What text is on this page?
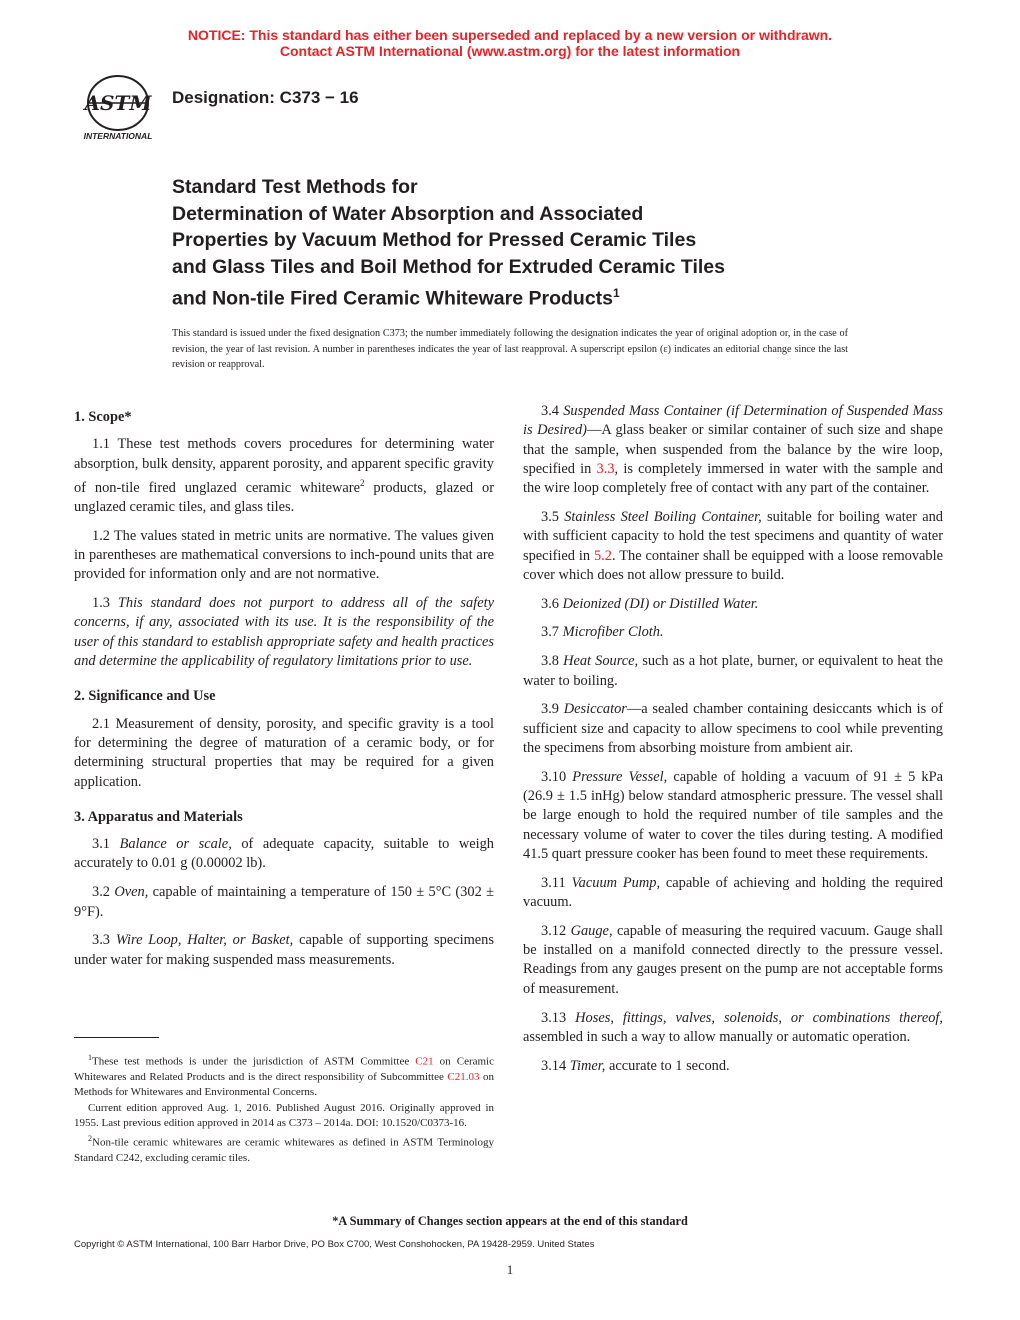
NOTICE: This standard has either been superseded and replaced by a new version or withdrawn.
Contact ASTM International (www.astm.org) for the latest information
ASTM
INTERNATIONAL
Designation: C373 − 16
Standard Test Methods for
Determination of Water Absorption and Associated
Properties by Vacuum Method for Pressed Ceramic Tiles
and Glass Tiles and Boil Method for Extruded Ceramic Tiles
and Non-tile Fired Ceramic Whiteware Products$^1$
This standard is issued under the fixed designation C373; the number immediately following the designation indicates the year of original adoption or, in the case of revision, the year of last revision. A number in parentheses indicates the year of last reapproval. A superscript epsilon (ε) indicates an editorial change since the last revision or reapproval.
1. Scope*

1.1 These test methods covers procedures for determining water absorption, bulk density, apparent porosity, and apparent specific gravity of non-tile fired unglazed ceramic whiteware$^2$ products, glazed or unglazed ceramic tiles, and glass tiles.

1.2 The values stated in metric units are normative. The values given in parentheses are mathematical conversions to inch-pound units that are provided for information only and are not normative.

1.3 This standard does not purport to address all of the safety concerns, if any, associated with its use. It is the responsibility of the user of this standard to establish appropriate safety and health practices and determine the applicability of regulatory limitations prior to use.

2. Significance and Use

2.1 Measurement of density, porosity, and specific gravity is a tool for determining the degree of maturation of a ceramic body, or for determining structural properties that may be required for a given application.

3. Apparatus and Materials

3.1 Balance or scale, of adequate capacity, suitable to weigh accurately to 0.01 g (0.00002 lb).

3.2 Oven, capable of maintaining a temperature of 150 ± 5°C (302 ± 9°F).

3.3 Wire Loop, Halter, or Basket, capable of supporting specimens under water for making suspended mass measurements.

3.4 Suspended Mass Container (if Determination of Suspended Mass is Desired)—A glass beaker or similar container of such size and shape that the sample, when suspended from the balance by the wire loop, specified in 3.3, is completely immersed in water with the sample and the wire loop completely free of contact with any part of the container.

3.5 Stainless Steel Boiling Container, suitable for boiling water and with sufficient capacity to hold the test specimens and quantity of water specified in 5.2. The container shall be equipped with a loose removable cover which does not allow pressure to build.

3.6 Deionized (DI) or Distilled Water.

3.7 Microfiber Cloth.

3.8 Heat Source, such as a hot plate, burner, or equivalent to heat the water to boiling.

3.9 Desiccator—a sealed chamber containing desiccants which is of sufficient size and capacity to allow specimens to cool while preventing the specimens from absorbing moisture from ambient air.

3.10 Pressure Vessel, capable of holding a vacuum of 91 ± 5 kPa (26.9 ± 1.5 inHg) below standard atmospheric pressure. The vessel shall be large enough to hold the required number of tile samples and the necessary volume of water to cover the tiles during testing. A modified 41.5 quart pressure cooker has been found to meet these requirements.

3.11 Vacuum Pump, capable of achieving and holding the required vacuum.

3.12 Gauge, capable of measuring the required vacuum. Gauge shall be installed on a manifold connected directly to the pressure vessel. Readings from any gauges present on the pump are not acceptable forms of measurement.

3.13 Hoses, fittings, valves, solenoids, or combinations thereof, assembled in such a way to allow manually or automatic operation.

3.14 Timer, accurate to 1 second.

$^1$These test methods is under the jurisdiction of ASTM Committee C21 on Ceramic Whitewares and Related Products and is the direct responsibility of Subcommittee C21.03 on Methods for Whitewares and Environmental Concerns.

Current edition approved Aug. 1, 2016. Published August 2016. Originally approved in 1955. Last previous edition approved in 2014 as C373 – 2014a. DOI: 10.1520/C0373-16.

$^2$Non-tile ceramic whitewares are ceramic whitewares as defined in ASTM Terminology Standard C242, excluding ceramic tiles.

*A Summary of Changes section appears at the end of this standard
Copyright © ASTM International, 100 Barr Harbor Drive, PO Box C700, West Conshohocken, PA 19428-2959. United States
1
